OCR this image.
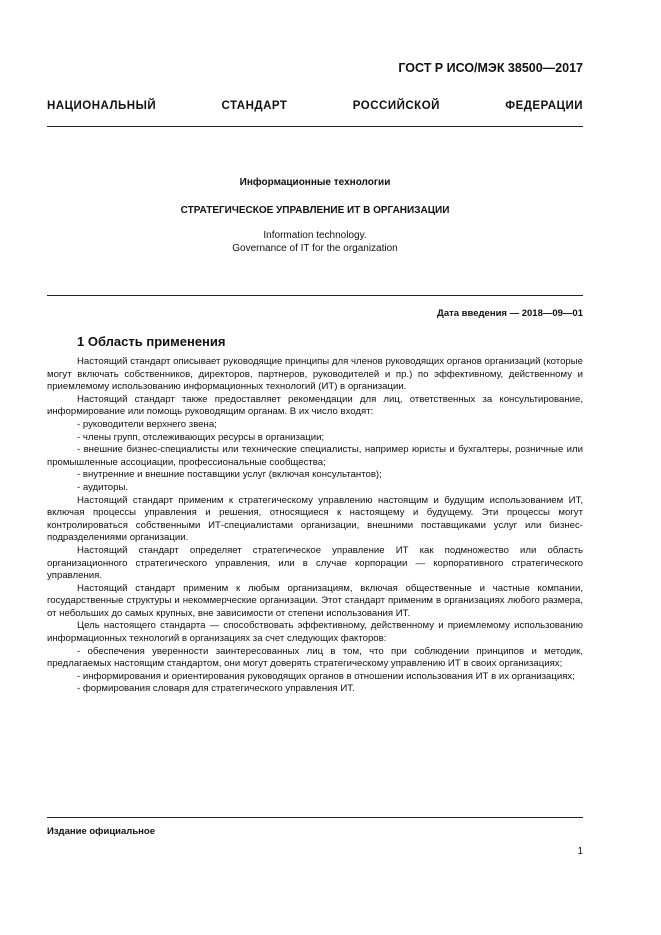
ГОСТ Р ИСО/МЭК 38500—2017
НАЦИОНАЛЬНЫЙ СТАНДАРТ РОССИЙСКОЙ ФЕДЕРАЦИИ
Информационные технологии
СТРАТЕГИЧЕСКОЕ УПРАВЛЕНИЕ ИТ В ОРГАНИЗАЦИИ
Information technology.
Governance of IT for the organization
Дата введения — 2018—09—01
1 Область применения

Настоящий стандарт описывает руководящие принципы для членов руководящих органов организаций (которые могут включать собственников, директоров, партнеров, руководителей и пр.) по эффективному, действенному и приемлемому использованию информационных технологий (ИТ) в организации.

Настоящий стандарт также предоставляет рекомендации для лиц, ответственных за консультирование, информирование или помощь руководящим органам. В их число входят:

- руководители верхнего звена;

- члены групп, отслеживающих ресурсы в организации;

- внешние бизнес-специалисты или технические специалисты, например юристы и бухгалтеры, розничные или промышленные ассоциации, профессиональные сообщества;

- внутренние и внешние поставщики услуг (включая консультантов);

- аудиторы.

Настоящий стандарт применим к стратегическому управлению настоящим и будущим использованием ИТ, включая процессы управления и решения, относящиеся к настоящему и будущему. Эти процессы могут контролироваться собственными ИТ-специалистами организации, внешними поставщиками услуг или бизнес-подразделениями организации.

Настоящий стандарт определяет стратегическое управление ИТ как подмножество или область организационного стратегического управления, или в случае корпорации — корпоративного стратегического управления.

Настоящий стандарт применим к любым организациям, включая общественные и частные компании, государственные структуры и некоммерческие организации. Этот стандарт применим в организациях любого размера, от небольших до самых крупных, вне зависимости от степени использования ИТ.

Цель настоящего стандарта — способствовать эффективному, действенному и приемлемому использованию информационных технологий в организациях за счет следующих факторов:

- обеспечения уверенности заинтересованных лиц в том, что при соблюдении принципов и методик, предлагаемых настоящим стандартом, они могут доверять стратегическому управлению ИТ в своих организациях;

- информирования и ориентирования руководящих органов в отношении использования ИТ в их организациях;

- формирования словаря для стратегического управления ИТ.

Издание официальное
1
